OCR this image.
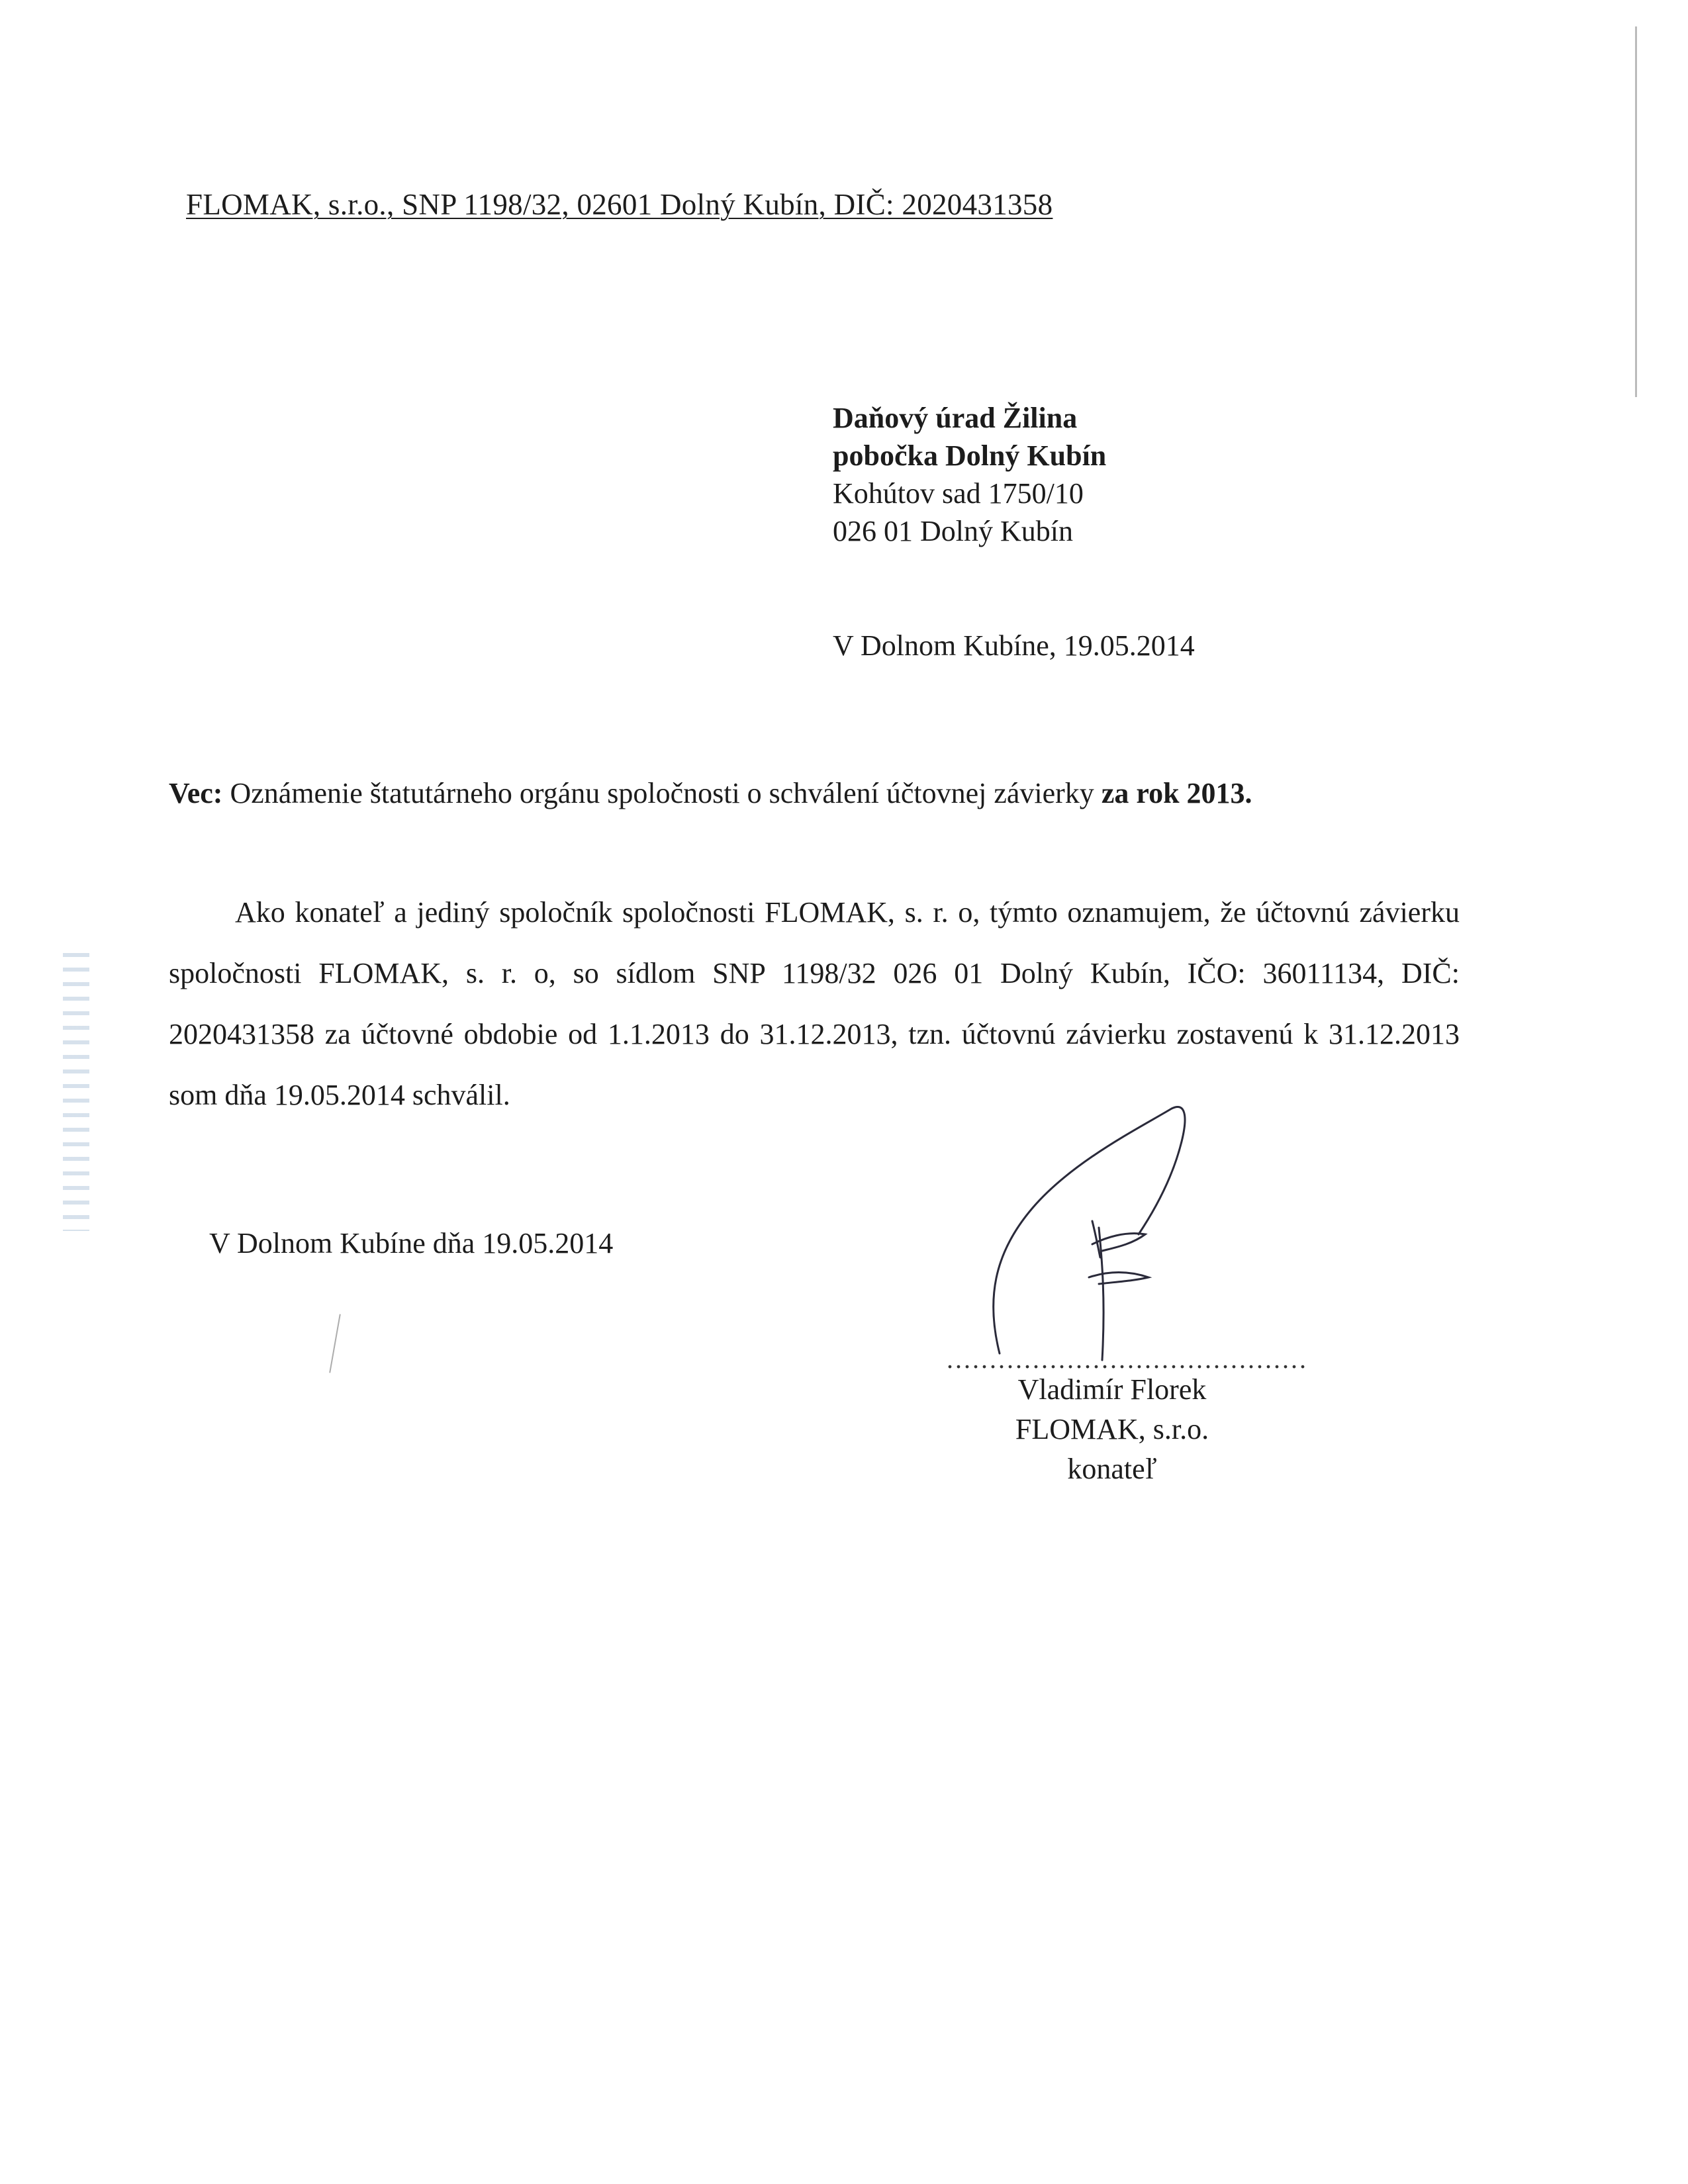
FLOMAK, s.r.o., SNP 1198/32, 02601 Dolný Kubín, DIČ: 2020431358
Daňový úrad Žilina
pobočka Dolný Kubín
Kohútov sad 1750/10
026 01 Dolný Kubín
V Dolnom Kubíne, 19.05.2014
Vec: Oznámenie štatutárneho orgánu spoločnosti o schválení účtovnej závierky za rok 2013.
Ako konateľ a jediný spoločník spoločnosti FLOMAK, s. r. o, týmto oznamujem, že účtovnú závierku spoločnosti FLOMAK, s. r. o, so sídlom SNP 1198/32 026 01 Dolný Kubín, IČO: 36011134, DIČ: 2020431358 za účtovné obdobie od 1.1.2013 do 31.12.2013, tzn. účtovnú závierku zostavenú k 31.12.2013 som dňa 19.05.2014 schválil.
V Dolnom Kubíne dňa 19.05.2014
..........................................
Vladimír Florek
FLOMAK, s.r.o.
konateľ
